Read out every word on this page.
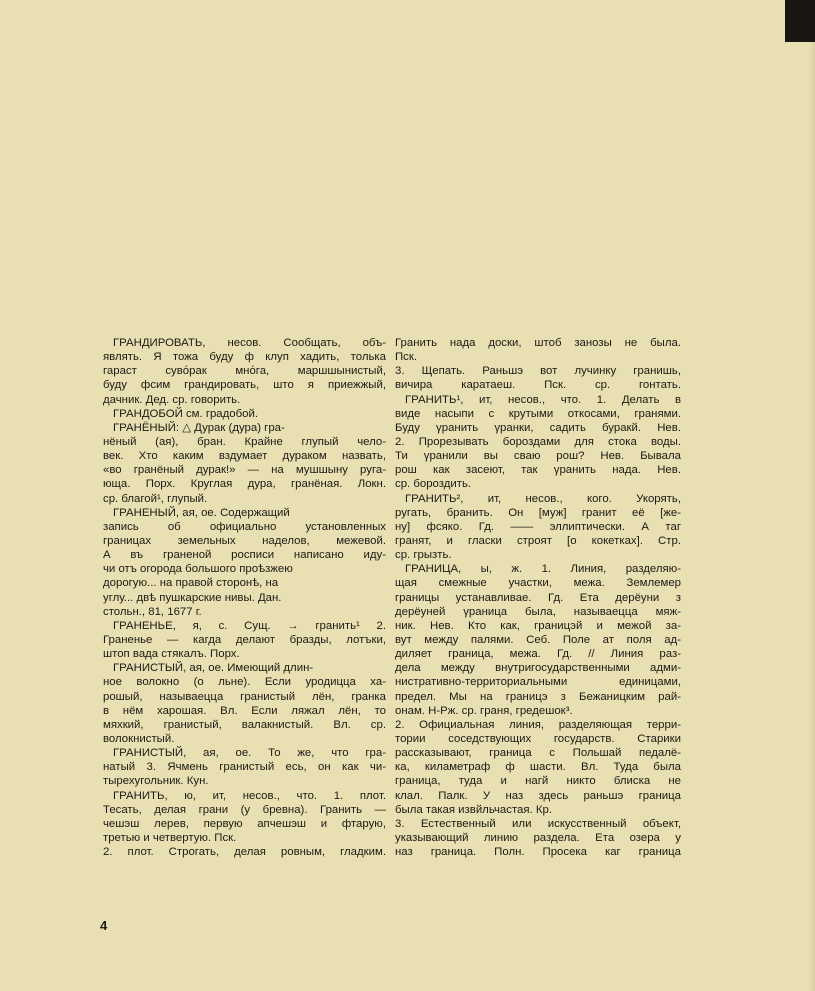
ГРАНДИРОВАТЬ, несов. Сообщать, объ-
являть. Я тожа буду ф клуп хадить, толька
гараст сувόрак мнόга, маршшынистый,
буду фсим грандировать, што я приежжый,
дачник. Дед. ср. говорить.
ГРАНДОБОЙ см. градобой.
ГРАНЁНЫЙ: △ Дурак (дура) гра-
нёный (ая), бран. Крайне глупый чело-
век. Хто каким вздумает дураком назвать,
«во гранёный дурак!» — на мушшыну руга-
юща. Порх. Круглая дура, гранёная. Локн.
ср. благой¹, глупый.
ГРАНЕНЫЙ, ая, ое. Содержащий
запись об официально установленных
границах земельных наделов, межевой.
А въ граненой росписи написано иду-
чи отъ огорода большого проѣзжею
дорогую... на правой сторонѣ, на
углу... двѣ пушкарские нивы. Дан.
стольн., 81, 1677 г.
ГРАНЕНЬЕ, я, с. Сущ. → гранить¹ 2.
Граненье — кагда делают бразды, лотъки,
штоп вада стякалъ. Порх.
ГРАНИСТЫЙ, ая, ое. Имеющий длин-
ное волокно (о льне). Если уродицца ха-
рошый, называецца гранистый лён, гранка
в нём харошая. Вл. Если ляжал лён, то
мяхкий, гранистый, валакнистый. Вл. ср.
волокнистый.
ГРАНИСТЫЙ, ая, ое. То же, что гра-
натый 3. Ячмень гранистый есь, он как чи-
тырехугольник. Кун.
ГРАНИТЬ, ю, ит, несов., что. 1. плот.
Тесать, делая грани (у бревна). Гранить —
чешэш лерев, первую апчешэш и фтарую,
третью и четвертую. Пск.
2. плот. Строгать, делая ровным, гладким.
Гранить нада доски, штоб занозы не была.
Пск.
3. Щепать. Раньшэ вот лучинку гранишь,
вичира каратаеш. Пск. ср. гонтать.
ГРАНИТЬ¹, ит, несов., что. 1. Делать в
виде насыпи с крутыми откосами, гранями.
Буду γранить γранки, садить буракй. Нев.
2. Прорезывать бороздами для стока воды.
Ти γранили вы сваю рош? Нев. Бывала
рош как засеют, так γранить нада. Нев.
ср. бороздить.
ГРАНИТЬ², ит, несов., кого. Укорять,
ругать, бранить. Он [муж] гранит её [же-
ну] фсяко. Гд. —— эллиптически. А таг
гранят, и гласки строят [о кокетках]. Стр.
ср. грызть.
ГРАНИЦА, ы, ж. 1. Линия, разделяю-
щая смежные участки, межа. Землемер
границы устанавливае. Гд. Ета дерёуни з
дерёуней γраница была, называецца мяж-
ник. Нев. Кто как, границэй и межой за-
вут между палями. Себ. Поле ат поля ад-
диляет граница, межа. Гд. // Линия раз-
дела между внутригосударственными адми-
нистративно-территориальными единицами,
предел. Мы на границэ з Бежаницким рай-
онам. Н-Рж. ср. граня, гредешок³.
2. Официальная линия, разделяющая терри-
тории соседствующих государств. Старики
рассказывают, граница с Польшай педалё-
ка, киламетраф ф шасти. Вл. Туда была
граница, туда и нагй никто блиска не
клал. Палк. У наз здесь раньшэ граница
была такая извйльчастая. Кр.
3. Естественный или искусственный объект,
указывающий линию раздела. Ета озера у
наз граница. Полн. Просека каг граница
4
